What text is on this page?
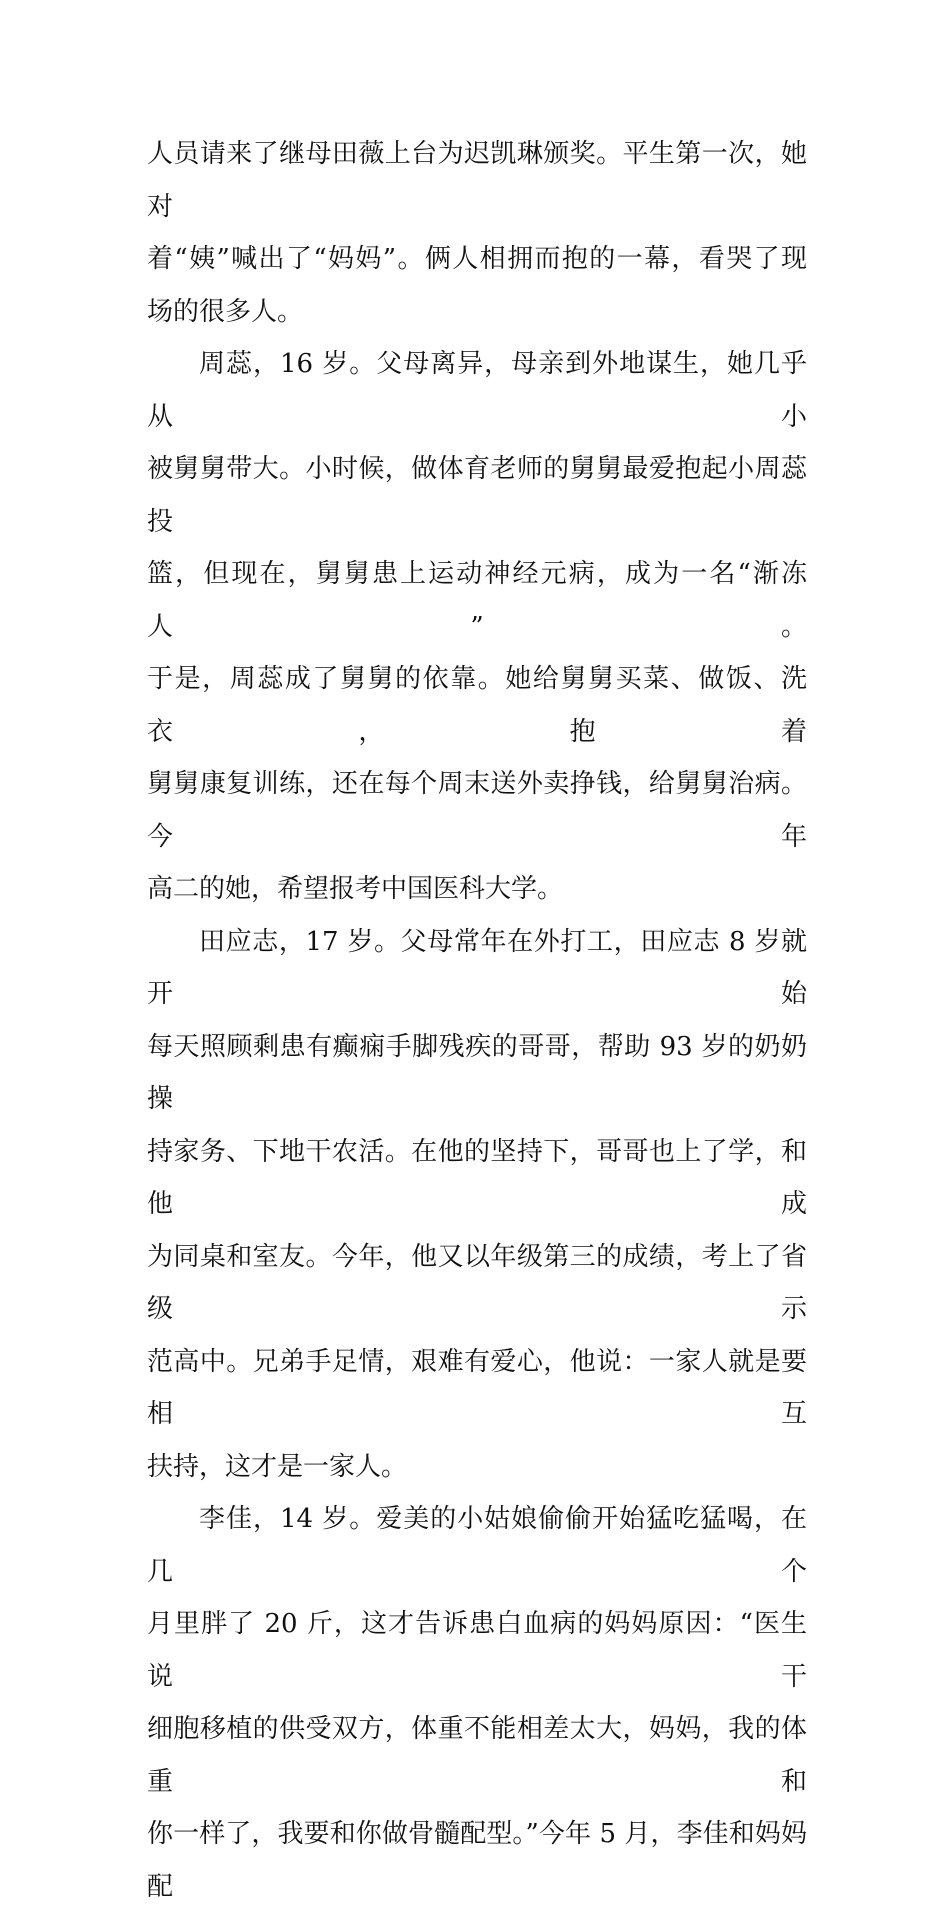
人员请来了继母田薇上台为迟凯琳颁奖。平生第一次，她对
着“姨”喊出了“妈妈”。俩人相拥而抱的一幕，看哭了现
场的很多人。
周蕊，16 岁。父母离异，母亲到外地谋生，她几乎从小
被舅舅带大。小时候，做体育老师的舅舅最爱抱起小周蕊投
篮，但现在，舅舅患上运动神经元病，成为一名“渐冻人”。
于是，周蕊成了舅舅的依靠。她给舅舅买菜、做饭、洗衣，抱着
舅舅康复训练，还在每个周末送外卖挣钱，给舅舅治病。今年
高二的她，希望报考中国医科大学。
田应志，17 岁。父母常年在外打工，田应志 8 岁就开始
每天照顾剩患有癫痫手脚残疾的哥哥，帮助 93 岁的奶奶操
持家务、下地干农活。在他的坚持下，哥哥也上了学，和他成
为同桌和室友。今年，他又以年级第三的成绩，考上了省级示
范高中。兄弟手足情，艰难有爱心，他说：一家人就是要相互
扶持，这才是一家人。
李佳，14 岁。爱美的小姑娘偷偷开始猛吃猛喝，在几个
月里胖了 20 斤，这才告诉患白血病的妈妈原因：“医生说干
细胞移植的供受双方，体重不能相差太大，妈妈，我的体重和
你一样了，我要和你做骨髓配型。”今年 5 月，李佳和妈妈配
